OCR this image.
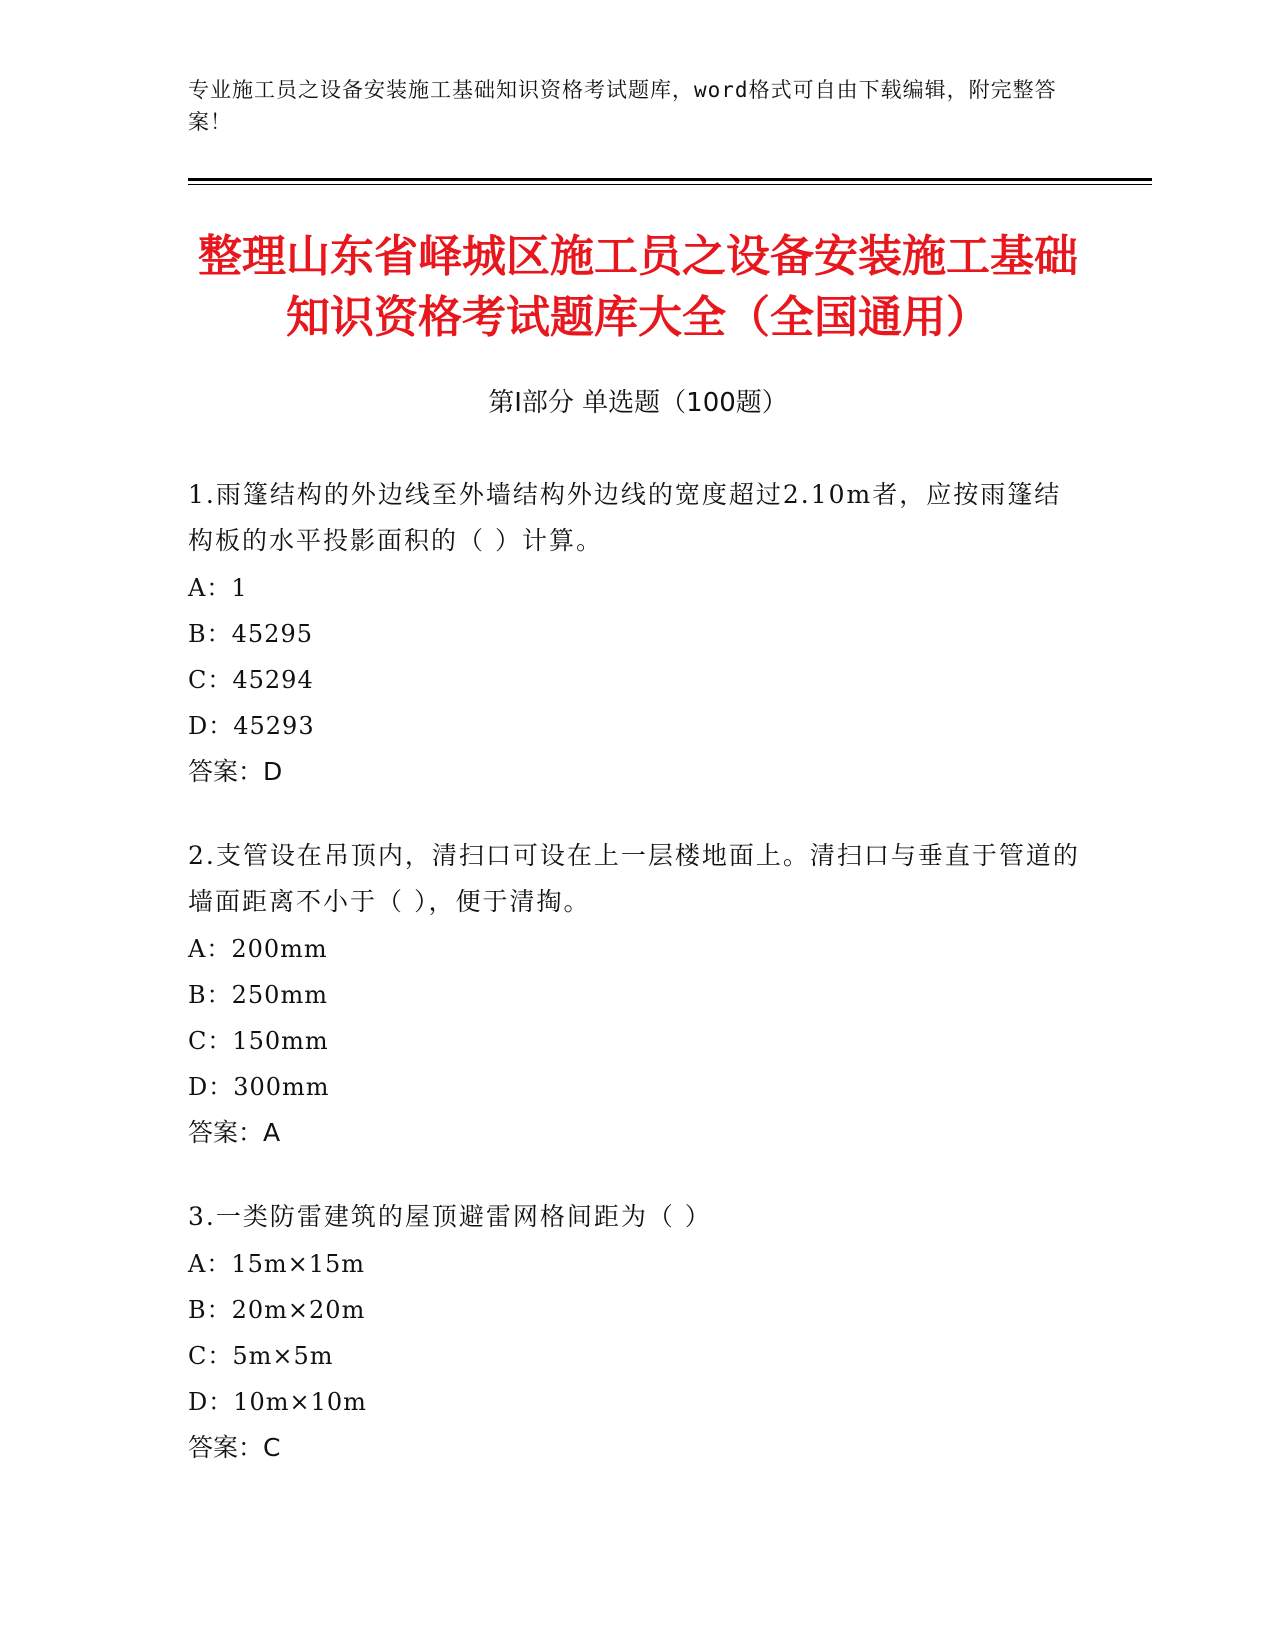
专业施工员之设备安装施工基础知识资格考试题库，word格式可自由下载编辑，附完整答案！
整理山东省峄城区施工员之设备安装施工基础知识资格考试题库大全（全国通用）
第Ⅰ部分 单选题（100题）
1.雨篷结构的外边线至外墙结构外边线的宽度超过2.10m者，应按雨篷结构板的水平投影面积的（ ）计算。
A：1
B：45295
C：45294
D：45293
答案：D
2.支管设在吊顶内，清扫口可设在上一层楼地面上。清扫口与垂直于管道的墙面距离不小于（ ），便于清掏。
A：200mm
B：250mm
C：150mm
D：300mm
答案：A
3.一类防雷建筑的屋顶避雷网格间距为（ ）
A：15m×15m
B：20m×20m
C：5m×5m
D：10m×10m
答案：C
